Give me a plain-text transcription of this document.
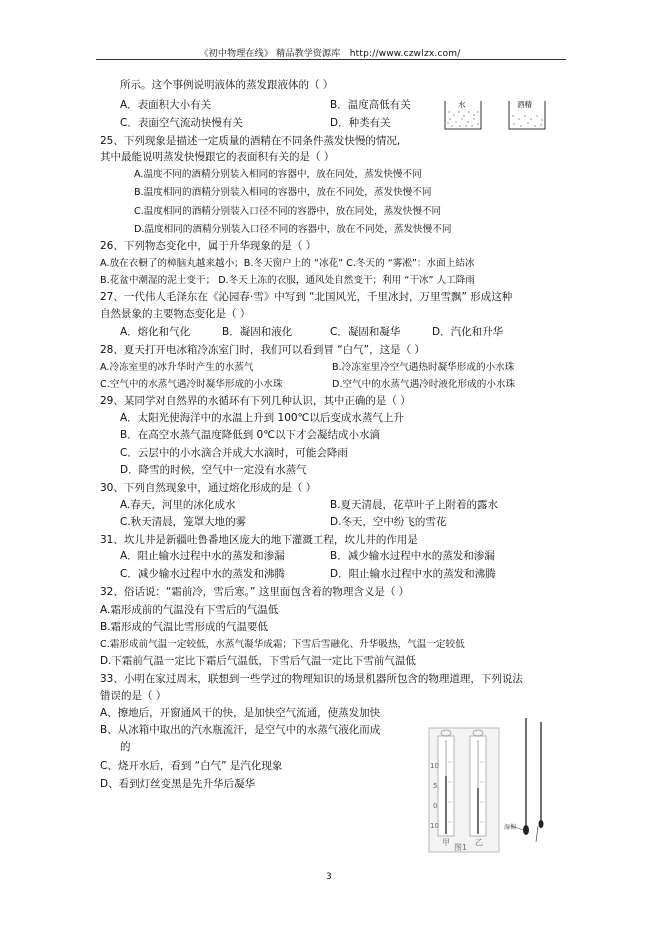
《初中物理在线》 精品教学资源库 http://www.czwlzx.com/
所示。这个事例说明液体的蒸发跟液体的（ ）
A．表面积大小有关	B．温度高低有关
C．表面空气流动快慢有关	D．种类有关
25、下列现象是描述一定质量的酒精在不同条件蒸发快慢的情况,
其中最能说明蒸发快慢跟它的表面积有关的是（ ）
A.温度不同的酒精分别装入相同的容器中，放在同处，蒸发快慢不同
B.温度相同的酒精分别装入相同的容器中，放在不同处，蒸发快慢不同
C.温度相同的酒精分别装入口径不同的容器中，放在同处，蒸发快慢不同
D.温度相同的酒精分别装入口径不同的容器中，放在不同处，蒸发快慢不同
26、下列物态变化中，属于升华现象的是（ ）
A.放在衣橱了的樟脑丸越来越小；B.冬天窗户上的 “冰花” C.冬天的 “雾凇”：水面上結冰
B.花盆中潮湿的泥土变干； D.冬天上冻的衣服，通风处自然变干；利用 “干冰” 人工降雨
27、一代伟人毛泽东在《沁园春·雪》中写到 “北国风光，千里冰封，万里雪飘” 形成这种
自然景象的主要物态变化是（ ）
A．熔化和气化	B．凝固和液化	C．凝固和凝华	D．汽化和升华
28、夏天打开电冰箱冷冻室门时，我们可以看到冒 “白气”，这是（ ）
A.冷冻室里的冰升华时产生的水蒸气	B.冷冻室里冷空气遇热时凝华形成的小水珠
C.空气中的水蒸气遇冷时凝华形成的小水珠	D.空气中的水蒸气遇冷时液化形成的小水珠
29、某同学对自然界的水循环有下列几种认识，其中正确的是（ ）
A．太阳光使海洋中的水温上升到 100℃以后变成水蒸气上升
B．在高空水蒸气温度降低到 0℃以下才会凝结成小水滴
C．云层中的小水滴合并成大水滴时，可能会降雨
D．降雪的时候，空气中一定没有水蒸气
30、下列自然现象中，通过熔化形成的是（ ）
A.春天，河里的冰化成水	B.夏天清晨，花草叶子上附着的露水
C.秋天清晨，笼罩大地的雾	D.冬天，空中纷飞的雪花
31、坎儿井是新疆吐鲁番地区庞大的地下灌溉工程，坎儿井的作用是
A．阻止输水过程中水的蒸发和渗漏	B．减少输水过程中水的蒸发和渗漏
C．减少输水过程中水的蒸发和沸腾	D．阻止输水过程中水的蒸发和沸腾
32、俗话说：“霜前冷，雪后寒。” 这里面包含着的物理含义是（ ）
A.霜形成前的气温没有下雪后的气温低
B.霜形成的气温比雪形成的气温要低
C.霜形成前气温一定较低，水蒸气凝华成霜；下雪后雪融化、升华吸热，气温一定较低
D.下霜前气温一定比下霜后气温低，下雪后气温一定比下雪前气温低
33、小明在家过周末，联想到一些学过的物理知识的场景机器所包含的物理道理，下列说法
错误的是（ ）
A、擦地后，开窗通风干的快，是加快空气流通，使蒸发加快
B、从冰箱中取出的汽水瓶流汗，是空气中的水蒸气液化而成
的
C、烧开水后，看到 “白气” 是汽化现象
D、看到灯丝变黑是先升华后凝华
水	酒精
10
5
0
10
甲	乙
湿棉
图1
3
